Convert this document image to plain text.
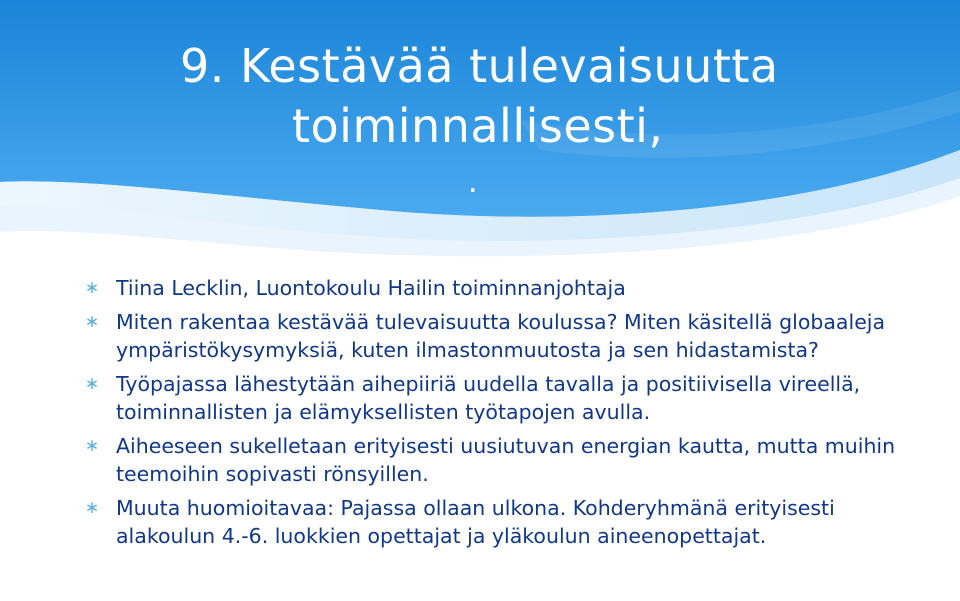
9. Kestävää tulevaisuutta
toiminnallisesti,
.
∗ Tiina Lecklin, Luontokoulu Hailin toiminnanjohtaja
∗ Miten rakentaa kestävää tulevaisuutta koulussa? Miten käsitellä globaaleja ympäristökysymyksiä, kuten ilmastonmuutosta ja sen hidastamista?
∗ Työpajassa lähestytään aihepiiriä uudella tavalla ja positiivisella vireellä, toiminnallisten ja elämyksellisten työtapojen avulla.
∗ Aiheeseen sukelletaan erityisesti uusiutuvan energian kautta, mutta muihin teemoihin sopivasti rönsyillen.
∗ Muuta huomioitavaa: Pajassa ollaan ulkona. Kohderyhmänä erityisesti alakoulun 4.-6. luokkien opettajat ja yläkoulun aineenopettajat.
